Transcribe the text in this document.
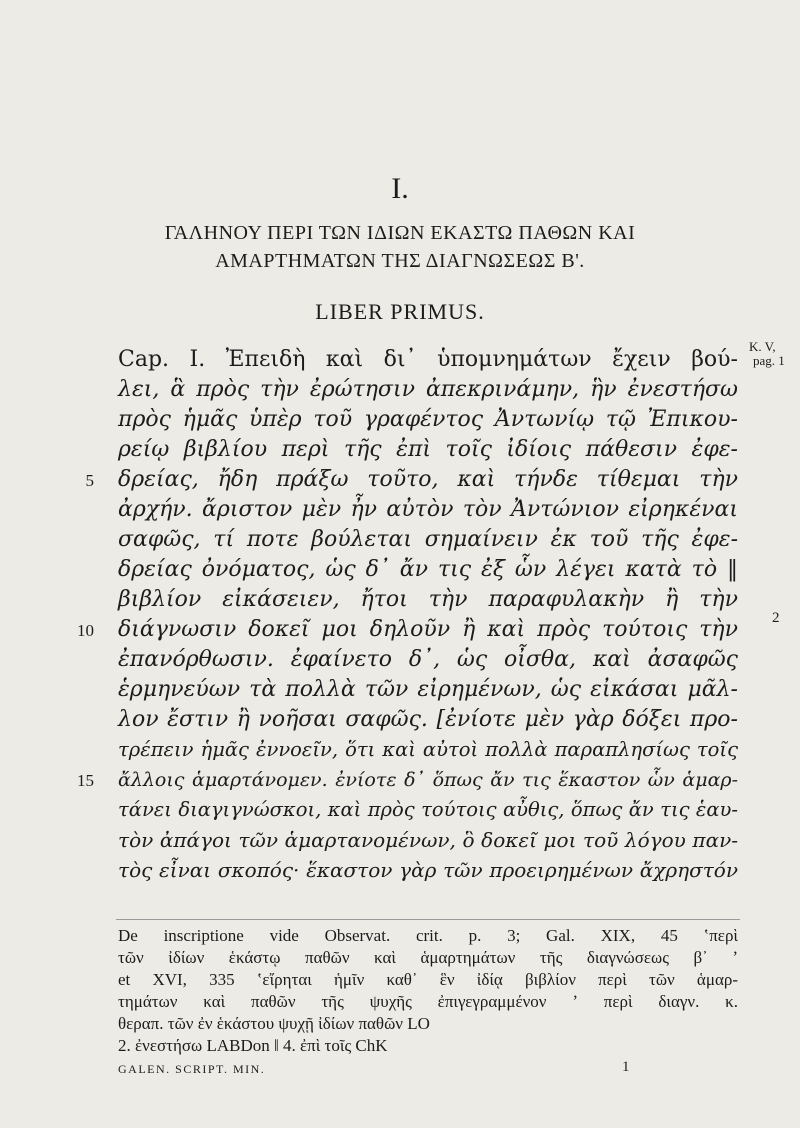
I.
ΓΑΛΗΝΟΥ ΠΕΡΙ ΤΩΝ ΙΔΙΩΝ ΕΚΑΣΤΩ ΠΑΘΩΝ ΚΑΙ
ΑΜΑΡΤΗΜΑΤΩΝ ΤΗΣ ΔΙΑΓΝΩΣΕΩΣ Β'.
LIBER PRIMUS.
K. V,
pag. 1
2
Cap. I. Ἐπειδὴ καὶ δι᾽ ὑπομνημάτων ἔχειν βού-
λει, ἃ πρὸς τὴν ἐρώτησιν ἀπεκρινάμην, ἣν ἐνεστήσω
πρὸς ἡμᾶς ὑπὲρ τοῦ γραφέντος Ἀντωνίῳ τῷ Ἐπικου-
ρείῳ βιβλίου περὶ τῆς ἐπὶ τοῖς ἰδίοις πάθεσιν ἐφε-
δρείας, ἤδη πράξω τοῦτο, καὶ τήνδε τίθεμαι τὴν
5
ἀρχήν. ἄριστον μὲν ἦν αὐτὸν τὸν Ἀντώνιον εἰρηκέναι
σαφῶς, τί ποτε βούλεται σημαίνειν ἐκ τοῦ τῆς ἐφε-
δρείας ὀνόματος, ὡς δ᾽ ἄν τις ἐξ ὧν λέγει κατὰ τὸ ‖
βιβλίον εἰκάσειεν, ἤτοι τὴν παραφυλακὴν ἢ τὴν
διάγνωσιν δοκεῖ μοι δηλοῦν ἢ καὶ πρὸς τούτοις τὴν
10
ἐπανόρθωσιν. ἐφαίνετο δ᾽, ὡς οἶσθα, καὶ ἀσαφῶς
ἑρμηνεύων τὰ πολλὰ τῶν εἰρημένων, ὡς εἰκάσαι μᾶλ-
λον ἔστιν ἢ νοῆσαι σαφῶς. [ἐνίοτε μὲν γὰρ δόξει προ-
τρέπειν ἡμᾶς ἐννοεῖν, ὅτι καὶ αὐτοὶ πολλὰ παραπλησίως τοῖς
ἄλλοις ἁμαρτάνομεν. ἐνίοτε δ᾽ ὅπως ἄν τις ἕκαστον ὧν ἁμαρ-
15
τάνει διαγιγνώσκοι, καὶ πρὸς τούτοις αὖθις, ὅπως ἄν τις ἑαυ-
τὸν ἀπάγοι τῶν ἁμαρτανομένων, ὃ δοκεῖ μοι τοῦ λόγου παν-
τὸς εἶναι σκοπός· ἕκαστον γὰρ τῶν προειρημένων ἄχρηστόν
De inscriptione vide Observat. crit. p. 3; Gal. XIX, 45 ʽπερὶ
τῶν ἰδίων ἑκάστῳ παθῶν καὶ ἁμαρτημάτων τῆς διαγνώσεως β᾽ ʼ
et XVI, 335 ʽεἴρηται ἡμῖν καθ᾽ ἓν ἰδίᾳ βιβλίον περὶ τῶν ἁμαρ-
τημάτων καὶ παθῶν τῆς ψυχῆς ἐπιγεγραμμένον ʼ περὶ διαγν. κ.
θεραπ. τῶν ἐν ἑκάστου ψυχῇ ἰδίων παθῶν LO
2. ἐνεστήσω LABDon ‖ 4. ἐπὶ τοῖς ChK
GALEN. SCRIPT. MIN.	1
